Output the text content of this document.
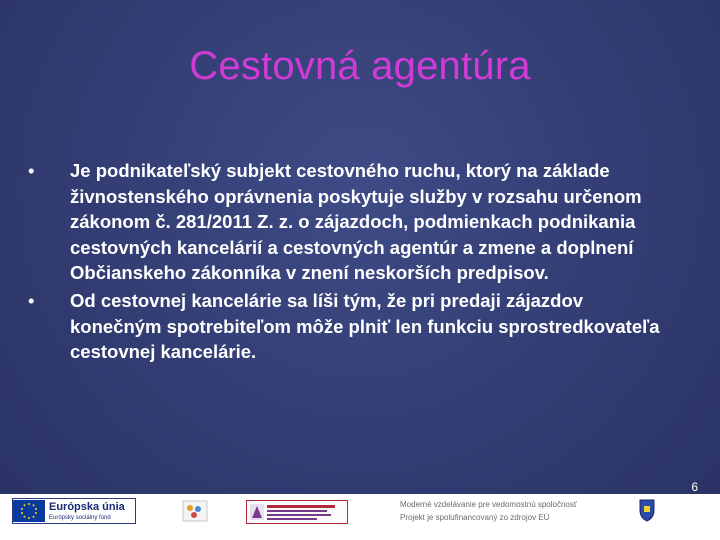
Cestovná agentúra
• Je podnikateľský subjekt cestovného ruchu, ktorý na základe živnostenského oprávnenia poskytuje služby v rozsahu určenom zákonom č. 281/2011 Z. z. o zájazdoch, podmienkach podnikania cestovných kancelárií a cestovných agentúr a zmene a doplnení Občianskeho zákonníka v znení neskorších predpisov.
• Od cestovnej kancelárie sa líši tým, že pri predaji zájazdov konečným spotrebiteľom môže plniť len funkciu sprostredkovateľa cestovnej kancelárie.
6
Európska únia
Európsky sociálny fond
Moderné vzdelávanie pre vedomostnú spoločnosť
Projekt je spolufinancovaný zo zdrojov EÚ
